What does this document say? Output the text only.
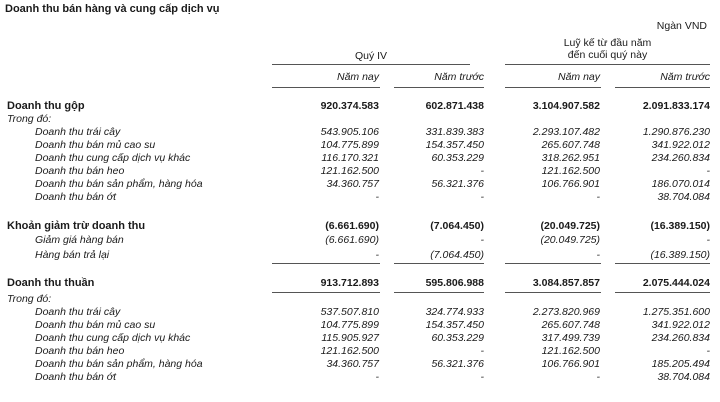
Doanh thu bán hàng và cung cấp dịch vụ
Ngàn VND
Quý IV
Luỹ kế từ đầu năm
đến cuối quý này
Năm nay	Năm trước	Năm nay	Năm trước
Doanh thu gộp	920.374.583	602.871.438	3.104.907.582	2.091.833.174
Trong đó:
Doanh thu trái cây	543.905.106	331.839.383	2.293.107.482	1.290.876.230
Doanh thu bán mủ cao su	104.775.899	154.357.450	265.607.748	341.922.012
Doanh thu cung cấp dịch vụ khác	116.170.321	60.353.229	318.262.951	234.260.834
Doanh thu bán heo	121.162.500	-	121.162.500	-
Doanh thu bán sản phẩm, hàng hóa	34.360.757	56.321.376	106.766.901	186.070.014
Doanh thu bán ớt	-	-	-	38.704.084
Khoản giảm trừ doanh thu	(6.661.690)	(7.064.450)	(20.049.725)	(16.389.150)
Giảm giá hàng bán	(6.661.690)	-	(20.049.725)	-
Hàng bán trả lại	-	(7.064.450)	-	(16.389.150)
Doanh thu thuần	913.712.893	595.806.988	3.084.857.857	2.075.444.024
Trong đó:
Doanh thu trái cây	537.507.810	324.774.933	2.273.820.969	1.275.351.600
Doanh thu bán mủ cao su	104.775.899	154.357.450	265.607.748	341.922.012
Doanh thu cung cấp dịch vụ khác	115.905.927	60.353.229	317.499.739	234.260.834
Doanh thu bán heo	121.162.500	-	121.162.500	-
Doanh thu bán sản phẩm, hàng hóa	34.360.757	56.321.376	106.766.901	185.205.494
Doanh thu bán ớt	-	-	-	38.704.084
